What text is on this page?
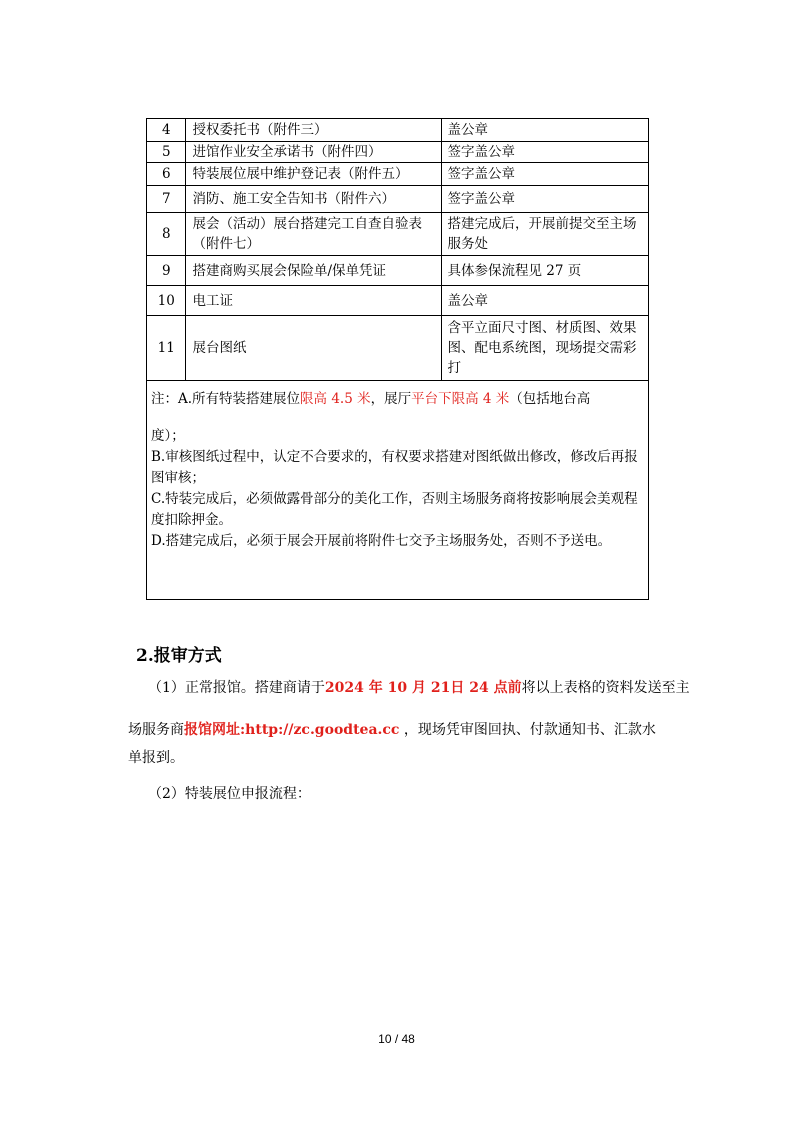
4	授权委托书（附件三）	盖公章
5	进馆作业安全承诺书（附件四）	签字盖公章
6	特装展位展中维护登记表（附件五）	签字盖公章
7	消防、施工安全告知书（附件六）	签字盖公章
8	展会（活动）展台搭建完工自查自验表（附件七）	搭建完成后，开展前提交至主场服务处
9	搭建商购买展会保险单/保单凭证	具体参保流程见 27 页
10	电工证	盖公章
11	展台图纸	含平立面尺寸图、材质图、效果图、配电系统图，现场提交需彩打

注：A.所有特装搭建展位限高 4.5 米，展厅平台下限高 4 米（包括地台高

度）；

B.审核图纸过程中，认定不合要求的，有权要求搭建对图纸做出修改，修改后再报图审核；

C.特装完成后，必须做露骨部分的美化工作，否则主场服务商将按影响展会美观程度扣除押金。

D.搭建完成后，必须于展会开展前将附件七交予主场服务处，否则不予送电。		

2.报审方式
（1）正常报馆。搭建商请于2024 年 10 月 21日 24 点前将以上表格的资料发送至主
场服务商报馆网址:http://zc.goodtea.cc ，现场凭审图回执、付款通知书、汇款水
单报到。
（2）特装展位申报流程：
10 / 48
